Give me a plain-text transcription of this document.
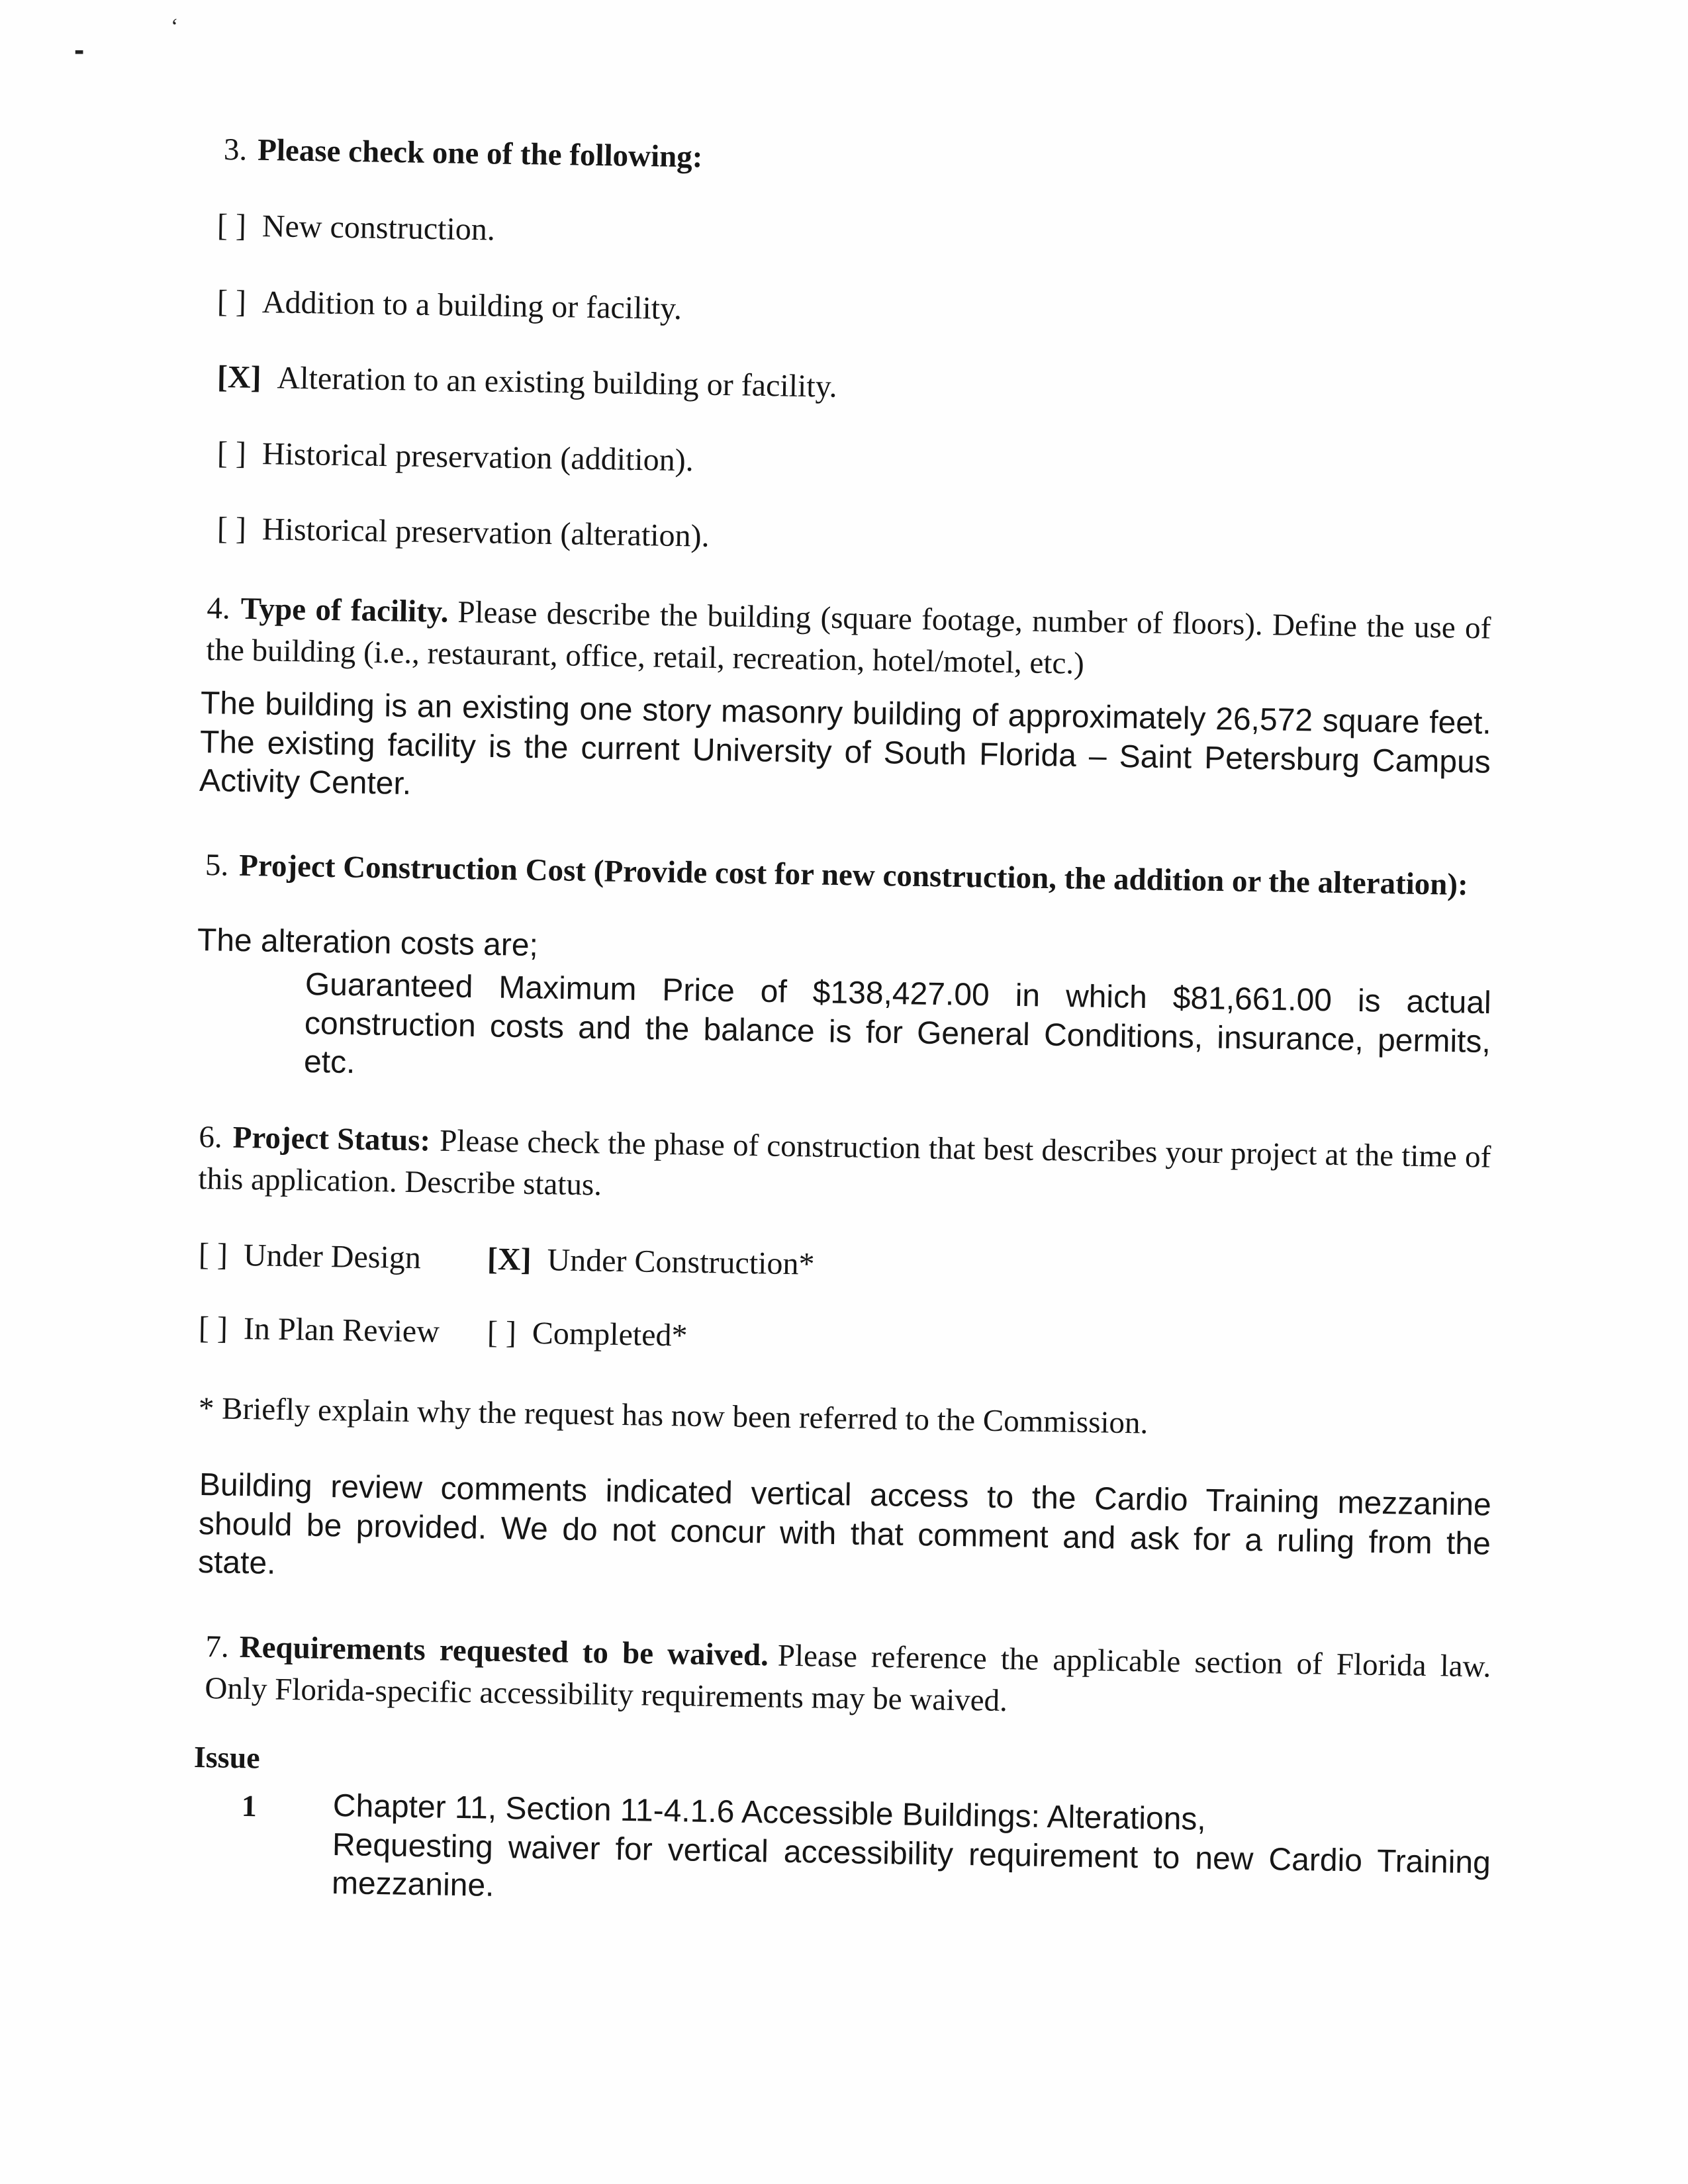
-
‘
3. Please check one of the following:
[ ] New construction.
[ ] Addition to a building or facility.
[X] Alteration to an existing building or facility.
[ ] Historical preservation (addition).
[ ] Historical preservation (alteration).
4. Type of facility. Please describe the building (square footage, number of floors). Define the use of the building (i.e., restaurant, office, retail, recreation, hotel/motel, etc.)
The building is an existing one story masonry building of approximately 26,572 square feet. The existing facility is the current University of South Florida – Saint Petersburg Campus Activity Center.
5. Project Construction Cost (Provide cost for new construction, the addition or the alteration):
The alteration costs are;
Guaranteed Maximum Price of $138,427.00 in which $81,661.00 is actual construction costs and the balance is for General Conditions, insurance, permits, etc.
6. Project Status: Please check the phase of construction that best describes your project at the time of this application. Describe status.
[ ] Under Design	[X] Under Construction*
[ ] In Plan Review	[ ] Completed*
* Briefly explain why the request has now been referred to the Commission.
Building review comments indicated vertical access to the Cardio Training mezzanine should be provided. We do not concur with that comment and ask for a ruling from the state.
7. Requirements requested to be waived. Please reference the applicable section of Florida law. Only Florida-specific accessibility requirements may be waived.
Issue
1	Chapter 11, Section 11-4.1.6 Accessible Buildings: Alterations,
Requesting waiver for vertical accessibility requirement to new Cardio Training mezzanine.
